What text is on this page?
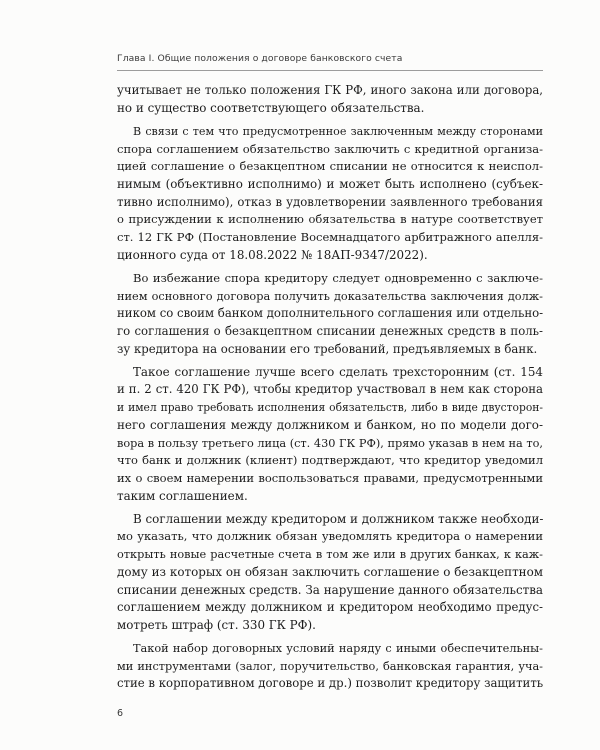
Глава I. Общие положения о договоре банковского счета
учитывает не только положения ГК РФ, иного закона или договора,
но и существо соответствующего обязательства.
В связи с тем что предусмотренное заключенным между сторонами
спора соглашением обязательство заключить с кредитной организа-
цией соглашение о безакцептном списании не относится к неиспол-
нимым (объективно исполнимо) и может быть исполнено (субъек-
тивно исполнимо), отказ в удовлетворении заявленного требования
о присуждении к исполнению обязательства в натуре соответствует
ст. 12 ГК РФ (Постановление Восемнадцатого арбитражного апелля-
ционного суда от 18.08.2022 № 18АП-9347/2022).
Во избежание спора кредитору следует одновременно с заключе-
нием основного договора получить доказательства заключения долж-
ником со своим банком дополнительного соглашения или отдельно-
го соглашения о безакцептном списании денежных средств в поль-
зу кредитора на основании его требований, предъявляемых в банк.
Такое соглашение лучше всего сделать трехсторонним (ст. 154
и п. 2 ст. 420 ГК РФ), чтобы кредитор участвовал в нем как сторона
и имел право требовать исполнения обязательств, либо в виде двусторон-
него соглашения между должником и банком, но по модели дого-
вора в пользу третьего лица (ст. 430 ГК РФ), прямо указав в нем на то,
что банк и должник (клиент) подтверждают, что кредитор уведомил
их о своем намерении воспользоваться правами, предусмотренными
таким соглашением.
В соглашении между кредитором и должником также необходи-
мо указать, что должник обязан уведомлять кредитора о намерении
открыть новые расчетные счета в том же или в других банках, к каж-
дому из которых он обязан заключить соглашение о безакцептном
списании денежных средств. За нарушение данного обязательства
соглашением между должником и кредитором необходимо предус-
мотреть штраф (ст. 330 ГК РФ).
Такой набор договорных условий наряду с иными обеспечительны-
ми инструментами (залог, поручительство, банковская гарантия, уча-
стие в корпоративном договоре и др.) позволит кредитору защитить
6
